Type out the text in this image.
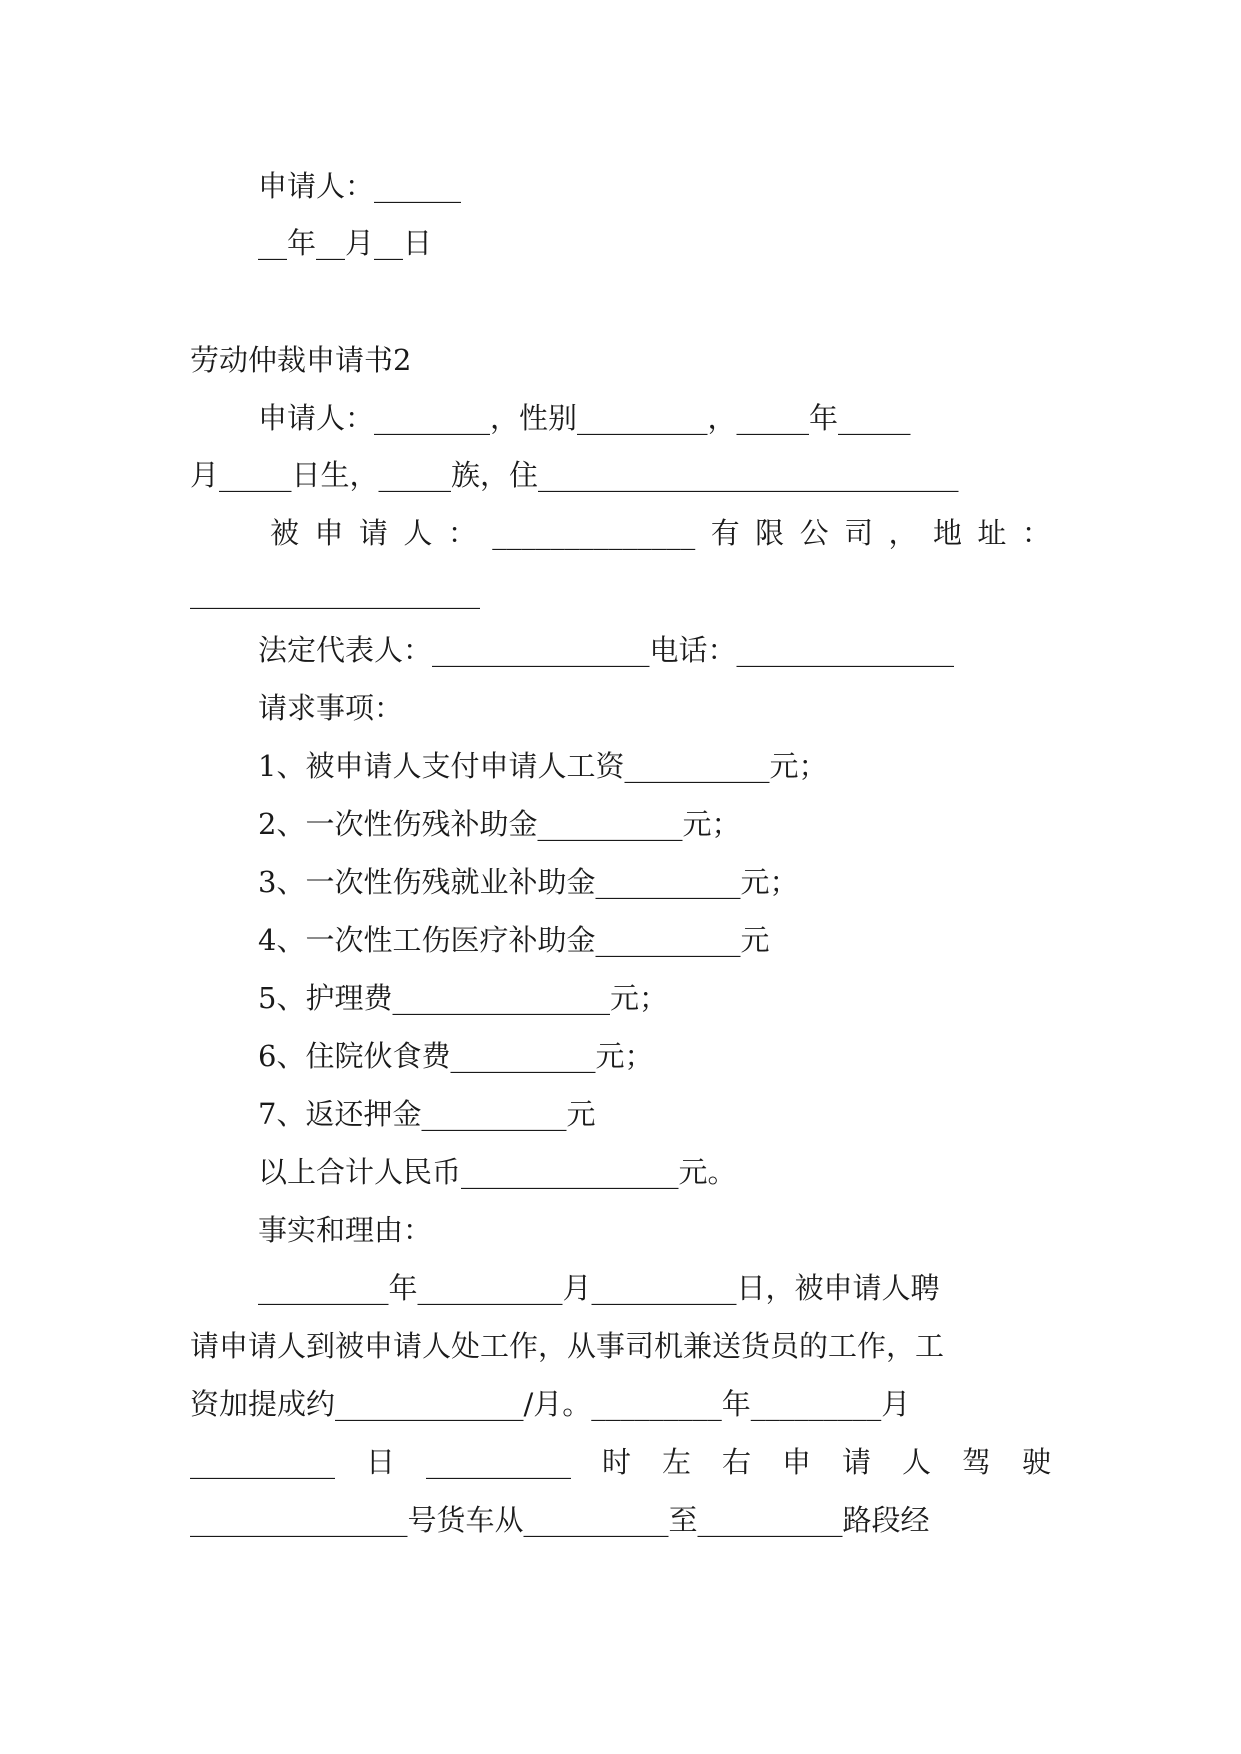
申请人：______
__年__月__日
劳动仲裁申请书2
申请人：________，性别_________，_____年_____
月_____日生，_____族，住_____________________________
被 申 请 人 ： ______________ 有 限 公 司 ， 地 址 ：
____________________
法定代表人：_______________电话：_______________
请求事项：
1、被申请人支付申请人工资__________元；
2、一次性伤残补助金__________元；
3、一次性伤残就业补助金__________元；
4、一次性工伤医疗补助金__________元
5、护理费_______________元；
6、住院伙食费__________元；
7、返还押金__________元
以上合计人民币_______________元。
事实和理由：
_________年__________月__________日，被申请人聘
请申请人到被申请人处工作，从事司机兼送货员的工作，工
资加提成约_____________/月。_________年_________月
__________ 日 __________ 时 左 右 申 请 人 驾 驶
_______________号货车从__________至__________路段经
